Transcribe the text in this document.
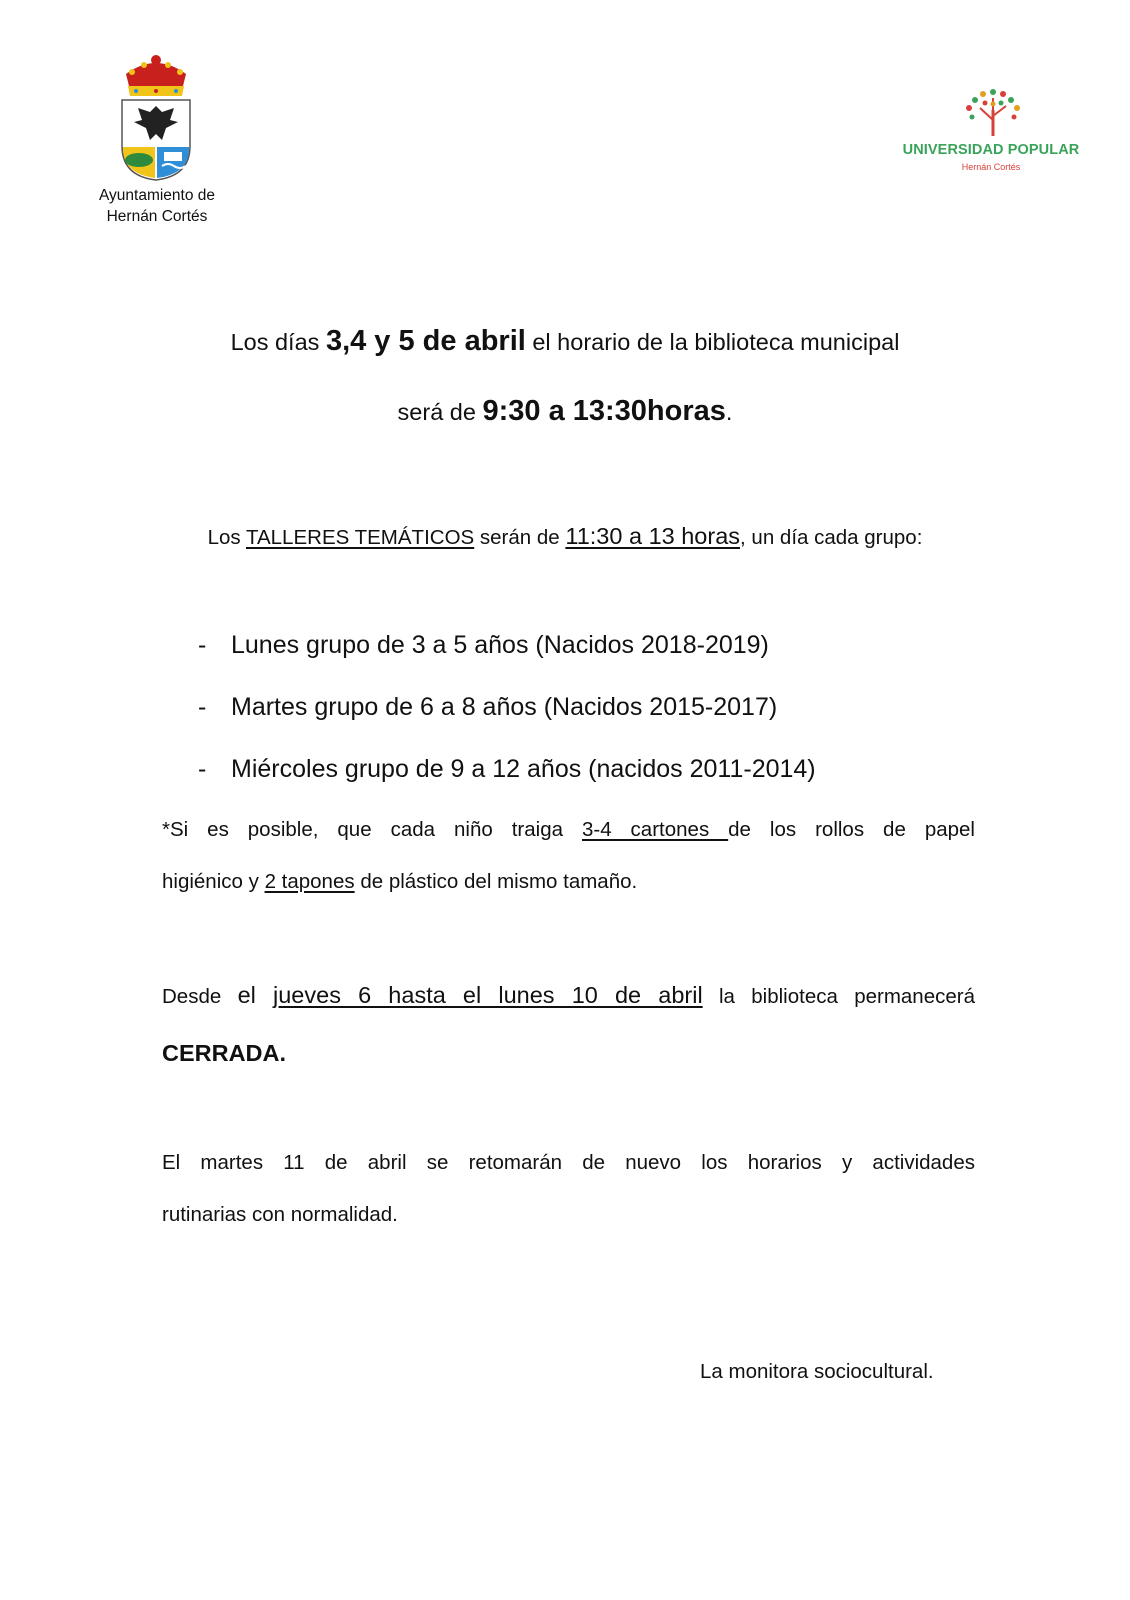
Ayuntamiento de
Hernán Cortés
UNIVERSIDAD POPULAR
Hernán Cortés
Los días 3,4 y 5 de abril el horario de la biblioteca municipal
será de 9:30 a 13:30horas.
Los TALLERES TEMÁTICOS serán de 11:30 a 13 horas, un día cada grupo:
- Lunes grupo de 3 a 5 años (Nacidos 2018-2019)
- Martes grupo de 6 a 8 años (Nacidos 2015-2017)
- Miércoles grupo de 9 a 12 años (nacidos 2011-2014)
*Si es posible, que cada niño traiga 3-4 cartones de los rollos de papel
higiénico y 2 tapones de plástico del mismo tamaño.
Desde el jueves 6 hasta el lunes 10 de abril la biblioteca permanecerá
CERRADA.
El martes 11 de abril se retomarán de nuevo los horarios y actividades
rutinarias con normalidad.
La monitora sociocultural.
